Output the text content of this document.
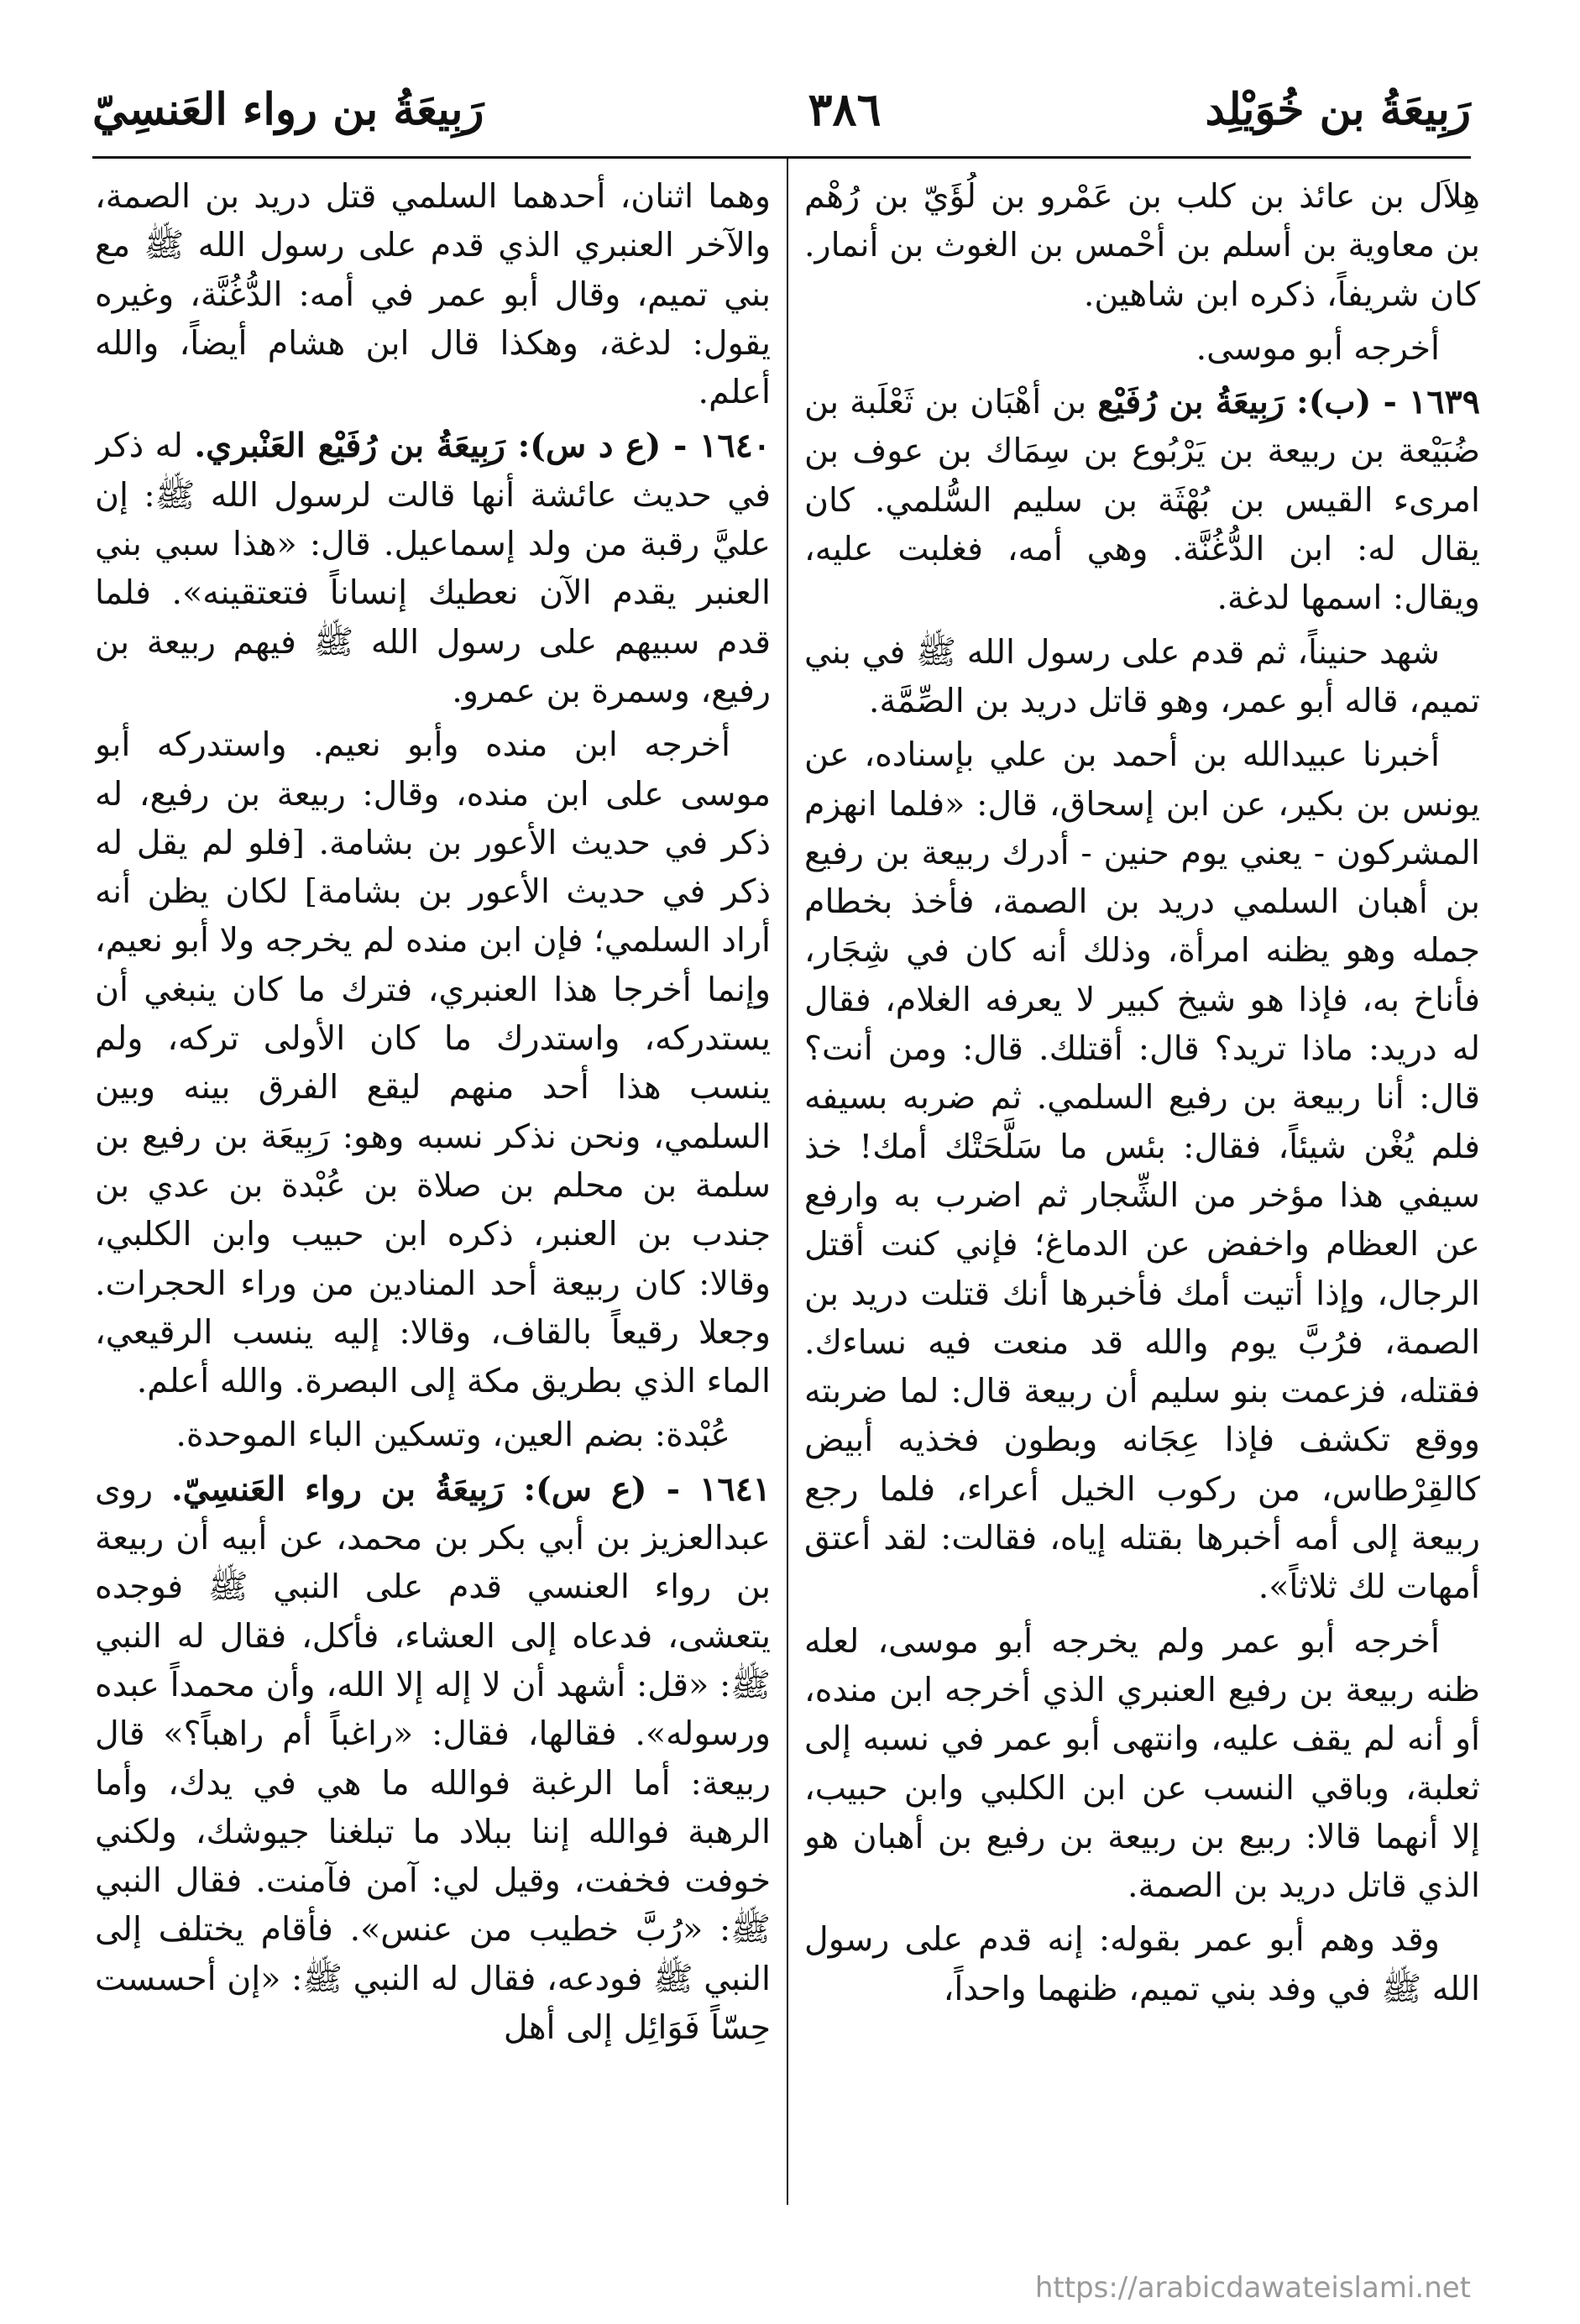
رَبِيعَةُ بن خُوَيْلِد
٣٨٦
رَبِيعَةُ بن رواء العَنسِيّ

هِلاَل بن عائذ بن كلب بن عَمْرو بن لُؤَيّ بن رُهْم بن معاوية بن أسلم بن أحْمس بن الغوث بن أنمار. كان شريفاً، ذكره ابن شاهين.

أخرجه أبو موسى.

١٦٣٩ - (ب): رَبِيعَةُ بن رُفَيْع بن أهْبَان بن ثَعْلَبة بن ضُبَيْعة بن ربيعة بن يَرْبُوع بن سِمَاك بن عوف بن امرىء القيس بن بُهْثَة بن سليم السُّلمي. كان يقال له: ابن الدُّغُنَّة. وهي أمه، فغلبت عليه، ويقال: اسمها لدغة.

شهد حنيناً، ثم قدم على رسول الله ﷺ في بني تميم، قاله أبو عمر، وهو قاتل دريد بن الصِّمَّة.

أخبرنا عبيدالله بن أحمد بن علي بإسناده، عن يونس بن بكير، عن ابن إسحاق، قال: «فلما انهزم المشركون - يعني يوم حنين - أدرك ربيعة بن رفيع بن أهبان السلمي دريد بن الصمة، فأخذ بخطام جمله وهو يظنه امرأة، وذلك أنه كان في شِجَار، فأناخ به، فإذا هو شيخ كبير لا يعرفه الغلام، فقال له دريد: ماذا تريد؟ قال: أقتلك. قال: ومن أنت؟ قال: أنا ربيعة بن رفيع السلمي. ثم ضربه بسيفه فلم يُغْن شيئاً، فقال: بئس ما سَلَّحَتْك أمك! خذ سيفي هذا مؤخر من الشِّجار ثم اضرب به وارفع عن العظام واخفض عن الدماغ؛ فإني كنت أقتل الرجال، وإذا أتيت أمك فأخبرها أنك قتلت دريد بن الصمة، فرُبَّ يوم والله قد منعت فيه نساءك. فقتله، فزعمت بنو سليم أن ربيعة قال: لما ضربته ووقع تكشف فإذا عِجَانه وبطون فخذيه أبيض كالقِرْطاس، من ركوب الخيل أعراء، فلما رجع ربيعة إلى أمه أخبرها بقتله إياه، فقالت: لقد أعتق أمهات لك ثلاثاً».

أخرجه أبو عمر ولم يخرجه أبو موسى، لعله ظنه ربيعة بن رفيع العنبري الذي أخرجه ابن منده، أو أنه لم يقف عليه، وانتهى أبو عمر في نسبه إلى ثعلبة، وباقي النسب عن ابن الكلبي وابن حبيب، إلا أنهما قالا: ربيع بن ربيعة بن رفيع بن أهبان هو الذي قاتل دريد بن الصمة.

وقد وهم أبو عمر بقوله: إنه قدم على رسول الله ﷺ في وفد بني تميم، ظنهما واحداً،

وهما اثنان، أحدهما السلمي قتل دريد بن الصمة، والآخر العنبري الذي قدم على رسول الله ﷺ مع بني تميم، وقال أبو عمر في أمه: الدُّغُنَّة، وغيره يقول: لدغة، وهكذا قال ابن هشام أيضاً، والله أعلم.

١٦٤٠ - (ع د س): رَبِيعَةُ بن رُفَيْع العَنْبري. له ذكر في حديث عائشة أنها قالت لرسول الله ﷺ: إن عليَّ رقبة من ولد إسماعيل. قال: «هذا سبي بني العنبر يقدم الآن نعطيك إنساناً فتعتقينه». فلما قدم سبيهم على رسول الله ﷺ فيهم ربيعة بن رفيع، وسمرة بن عمرو.

أخرجه ابن منده وأبو نعيم. واستدركه أبو موسى على ابن منده، وقال: ربيعة بن رفيع، له ذكر في حديث الأعور بن بشامة. [فلو لم يقل له ذكر في حديث الأعور بن بشامة] لكان يظن أنه أراد السلمي؛ فإن ابن منده لم يخرجه ولا أبو نعيم، وإنما أخرجا هذا العنبري، فترك ما كان ينبغي أن يستدركه، واستدرك ما كان الأولى تركه، ولم ينسب هذا أحد منهم ليقع الفرق بينه وبين السلمي، ونحن نذكر نسبه وهو: رَبِيعَة بن رفيع بن سلمة بن محلم بن صلاة بن عُبْدة بن عدي بن جندب بن العنبر، ذكره ابن حبيب وابن الكلبي، وقالا: كان ربيعة أحد المنادين من وراء الحجرات. وجعلا رقيعاً بالقاف، وقالا: إليه ينسب الرقيعي، الماء الذي بطريق مكة إلى البصرة. والله أعلم.

عُبْدة: بضم العين، وتسكين الباء الموحدة.

١٦٤١ - (ع س): رَبِيعَةُ بن رواء العَنسِيّ. روى عبدالعزيز بن أبي بكر بن محمد، عن أبيه أن ربيعة بن رواء العنسي قدم على النبي ﷺ فوجده يتعشى، فدعاه إلى العشاء، فأكل، فقال له النبي ﷺ: «قل: أشهد أن لا إله إلا الله، وأن محمداً عبده ورسوله». فقالها، فقال: «راغباً أم راهباً؟» قال ربيعة: أما الرغبة فوالله ما هي في يدك، وأما الرهبة فوالله إننا ببلاد ما تبلغنا جيوشك، ولكني خوفت فخفت، وقيل لي: آمن فآمنت. فقال النبي ﷺ: «رُبَّ خطيب من عنس». فأقام يختلف إلى النبي ﷺ فودعه، فقال له النبي ﷺ: «إن أحسست حِسّاً فَوَائِل إلى أهل

https://arabicdawateislami.net
